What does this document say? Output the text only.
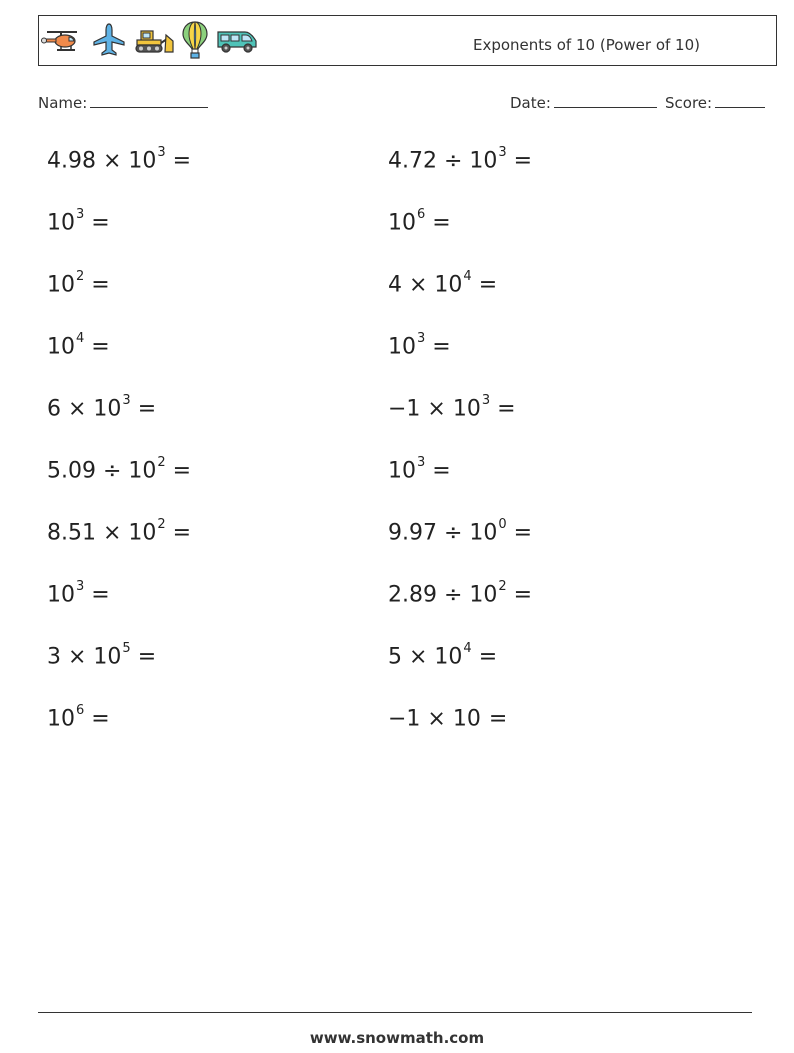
Exponents of 10 (Power of 10)
Name:	Date:	Score:
$4.98 \times 10^3$ =
$10^3$ =
$10^2$ =
$10^4$ =
$6 \times 10^3$ =
$5.09 \div 10^2$ =
$8.51 \times 10^2$ =
$10^3$ =
$3 \times 10^5$ =
$10^6$ =
$4.72 \div 10^3$ =
$10^6$ =
$4 \times 10^4$ =
$10^3$ =
$-1 \times 10^3$ =
$10^3$ =
$9.97 \div 10^0$ =
$2.89 \div 10^2$ =
$5 \times 10^4$ =
−1 × 10 =
www.snowmath.com
